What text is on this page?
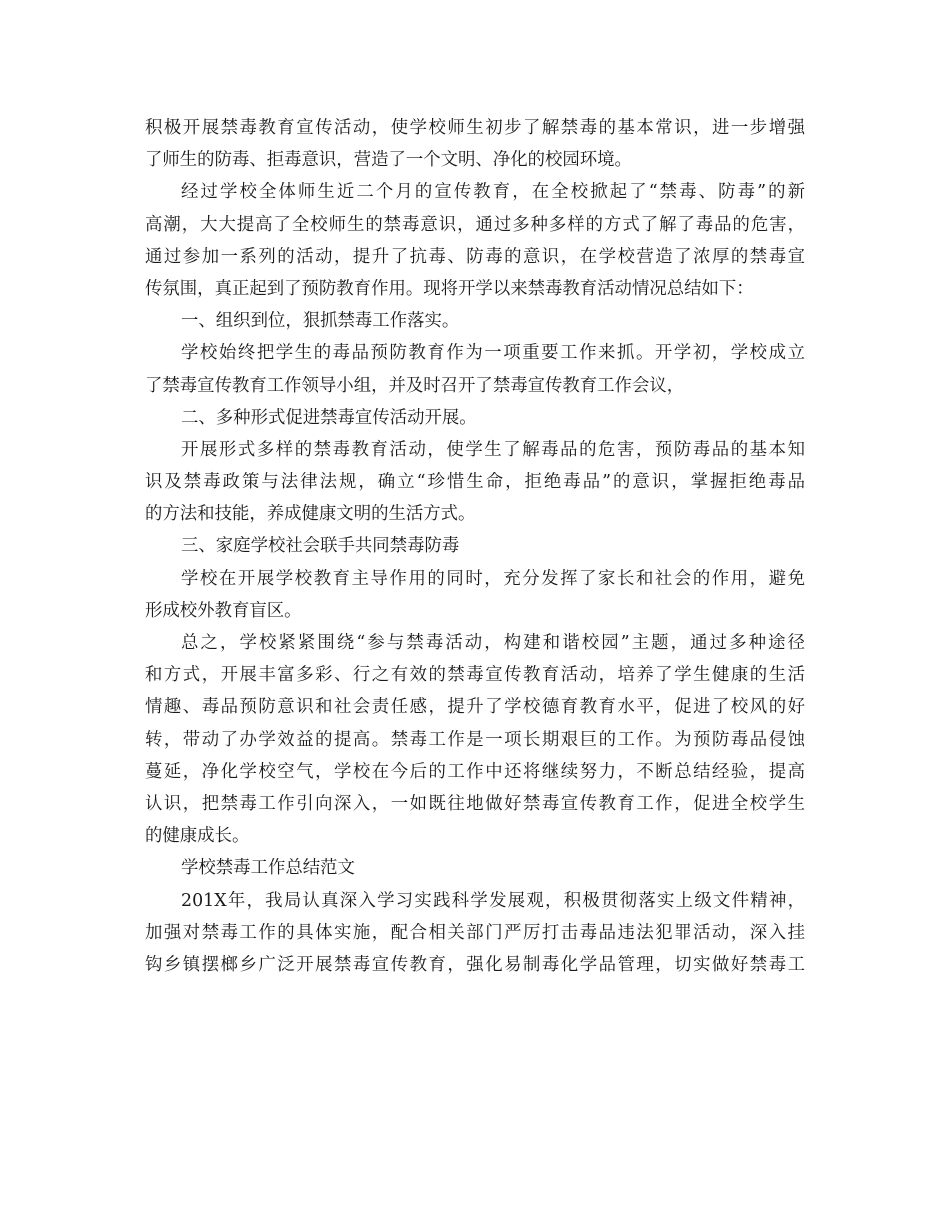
积极开展禁毒教育宣传活动，使学校师生初步了解禁毒的基本常识，进一步增强
了师生的防毒、拒毒意识，营造了一个文明、净化的校园环境。
经过学校全体师生近二个月的宣传教育，在全校掀起了“禁毒、防毒”的新
高潮，大大提高了全校师生的禁毒意识，通过多种多样的方式了解了毒品的危害，
通过参加一系列的活动，提升了抗毒、防毒的意识，在学校营造了浓厚的禁毒宣
传氛围，真正起到了预防教育作用。现将开学以来禁毒教育活动情况总结如下：
一、组织到位，狠抓禁毒工作落实。
学校始终把学生的毒品预防教育作为一项重要工作来抓。开学初，学校成立
了禁毒宣传教育工作领导小组，并及时召开了禁毒宣传教育工作会议，
二、多种形式促进禁毒宣传活动开展。
开展形式多样的禁毒教育活动，使学生了解毒品的危害，预防毒品的基本知
识及禁毒政策与法律法规，确立“珍惜生命，拒绝毒品”的意识，掌握拒绝毒品
的方法和技能，养成健康文明的生活方式。
三、家庭学校社会联手共同禁毒防毒
学校在开展学校教育主导作用的同时，充分发挥了家长和社会的作用，避免
形成校外教育盲区。
总之，学校紧紧围绕“参与禁毒活动，构建和谐校园”主题，通过多种途径
和方式，开展丰富多彩、行之有效的禁毒宣传教育活动，培养了学生健康的生活
情趣、毒品预防意识和社会责任感，提升了学校德育教育水平，促进了校风的好
转，带动了办学效益的提高。禁毒工作是一项长期艰巨的工作。为预防毒品侵蚀
蔓延，净化学校空气，学校在今后的工作中还将继续努力，不断总结经验，提高
认识，把禁毒工作引向深入，一如既往地做好禁毒宣传教育工作，促进全校学生
的健康成长。
学校禁毒工作总结范文
201X年，我局认真深入学习实践科学发展观，积极贯彻落实上级文件精神，
加强对禁毒工作的具体实施，配合相关部门严厉打击毒品违法犯罪活动，深入挂
钩乡镇摆榔乡广泛开展禁毒宣传教育，强化易制毒化学品管理，切实做好禁毒工
